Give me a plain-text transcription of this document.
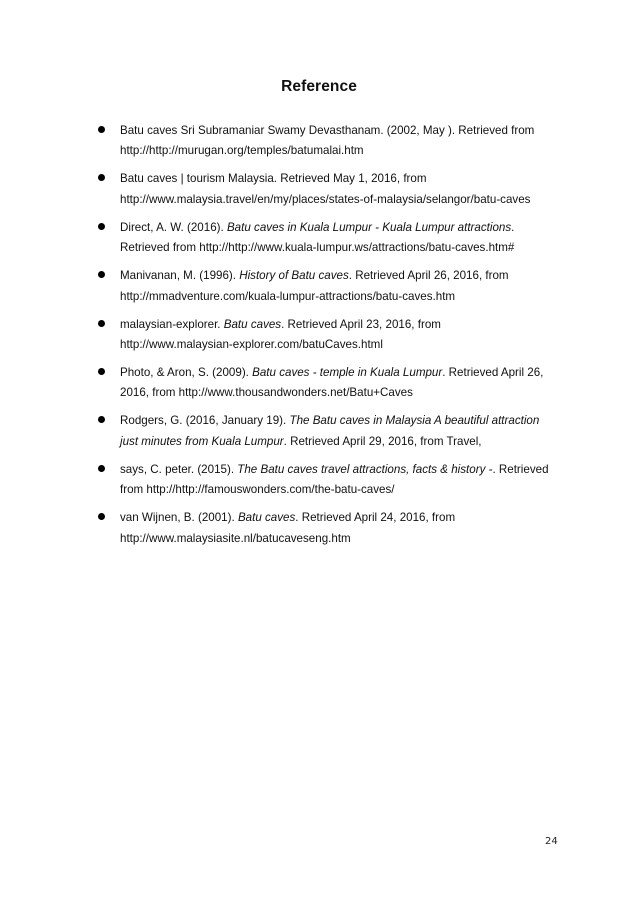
Reference
Batu caves Sri Subramaniar Swamy Devasthanam. (2002, May ). Retrieved from
http://http://murugan.org/temples/batumalai.htm
Batu caves | tourism Malaysia. Retrieved May 1, 2016, from
http://www.malaysia.travel/en/my/places/states-of-malaysia/selangor/batu-caves
Direct, A. W. (2016). Batu caves in Kuala Lumpur - Kuala Lumpur attractions.
Retrieved from http://http://www.kuala-lumpur.ws/attractions/batu-caves.htm#
Manivanan, M. (1996). History of Batu caves. Retrieved April 26, 2016, from
http://mmadventure.com/kuala-lumpur-attractions/batu-caves.htm
malaysian-explorer. Batu caves. Retrieved April 23, 2016, from
http://www.malaysian-explorer.com/batuCaves.html
Photo, & Aron, S. (2009). Batu caves - temple in Kuala Lumpur. Retrieved April 26,
2016, from http://www.thousandwonders.net/Batu+Caves
Rodgers, G. (2016, January 19). The Batu caves in Malaysia A beautiful attraction
just minutes from Kuala Lumpur. Retrieved April 29, 2016, from Travel,
says, C. peter. (2015). The Batu caves travel attractions, facts & history -. Retrieved
from http://http://famouswonders.com/the-batu-caves/
van Wijnen, B. (2001). Batu caves. Retrieved April 24, 2016, from
http://www.malaysiasite.nl/batucaveseng.htm
24
